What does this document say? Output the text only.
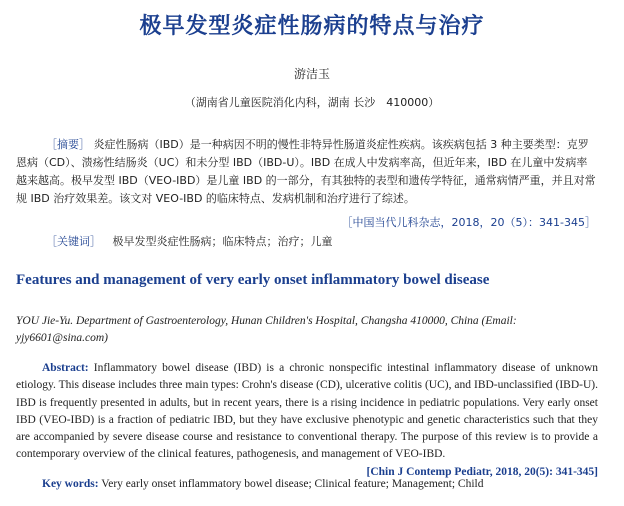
极早发型炎症性肠病的特点与治疗
游洁玉
（湖南省儿童医院消化内科，湖南 长沙　410000）
［摘要］ 炎症性肠病（IBD）是一种病因不明的慢性非特异性肠道炎症性疾病。该疾病包括 3 种主要类型：克罗恩病（CD）、溃疡性结肠炎（UC）和未分型 IBD（IBD-U）。IBD 在成人中发病率高，但近年来，IBD 在儿童中发病率越来越高。极早发型 IBD（VEO-IBD）是儿童 IBD 的一部分，有其独特的表型和遗传学特征，通常病情严重，并且对常规 IBD 治疗效果差。该文对 VEO-IBD 的临床特点、发病机制和治疗进行了综述。
［中国当代儿科杂志，2018，20（5）：341-345］
［关键词］ 极早发型炎症性肠病；临床特点；治疗；儿童
Features and management of very early onset inflammatory bowel disease
YOU Jie-Yu. Department of Gastroenterology, Hunan Children's Hospital, Changsha 410000, China (Email: yjy6601@sina.com)
Abstract: Inflammatory bowel disease (IBD) is a chronic nonspecific intestinal inflammatory disease of unknown etiology. This disease includes three main types: Crohn's disease (CD), ulcerative colitis (UC), and IBD-unclassified (IBD-U). IBD is frequently presented in adults, but in recent years, there is a rising incidence in pediatric populations. Very early onset IBD (VEO-IBD) is a fraction of pediatric IBD, but they have exclusive phenotypic and genetic characteristics such that they are accompanied by severe disease course and resistance to conventional therapy. The purpose of this review is to provide a contemporary overview of the clinical features, pathogenesis, and management of VEO-IBD.
[Chin J Contemp Pediatr, 2018, 20(5): 341-345]
Key words: Very early onset inflammatory bowel disease; Clinical feature; Management; Child
